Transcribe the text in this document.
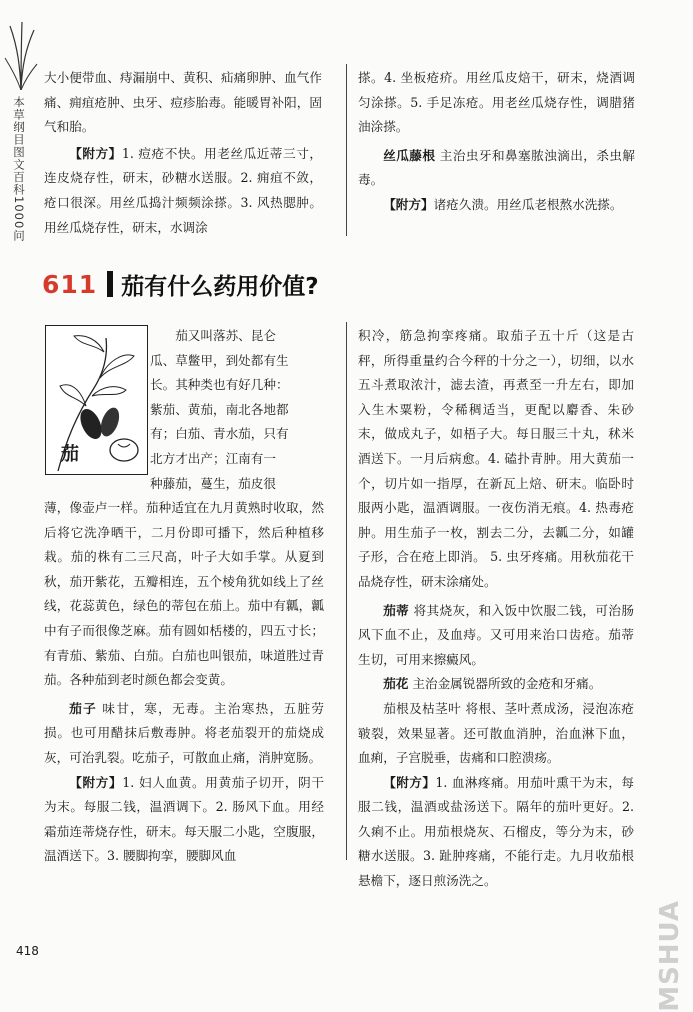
本草纲目图文百科1000问

大小便带血、痔漏崩中、黄积、疝痛卵肿、血气作痛、痈疽疮肿、虫牙、痘疹胎毒。能暖胃补阳，固气和胎。

【附方】1. 痘疮不快。用老丝瓜近蒂三寸，连皮烧存性，研末，砂糖水送服。2. 痈疽不敛，疮口很深。用丝瓜捣汁频频涂搽。3. 风热腮肿。用丝瓜烧存性，研末，水调涂

搽。4. 坐板疮疥。用丝瓜皮焙干，研末，烧酒调匀涂搽。5. 手足冻疮。用老丝瓜烧存性，调腊猪油涂搽。

丝瓜藤根 主治虫牙和鼻塞脓浊滴出，杀虫解毒。

【附方】诸疮久溃。用丝瓜老根熬水洗搽。

611 茄有什么药用价值?
茄
茄又叫落苏、昆仑
瓜、草鳖甲，到处都有生
长。其种类也有好几种：
紫茄、黄茄，南北各地都
有；白茄、青水茄，只有
北方才出产；江南有一
种藤茄，蔓生，茄皮很

薄，像壶卢一样。茄种适宜在九月黄熟时收取，然后将它洗净晒干，二月份即可播下，然后种植移栽。茄的株有二三尺高，叶子大如手掌。从夏到秋，茄开紫花，五瓣相连，五个棱角犹如线上了丝线，花蕊黄色，绿色的蒂包在茄上。茄中有瓤，瓤中有子而很像芝麻。茄有圆如栝楼的，四五寸长；有青茄、紫茄、白茄。白茄也叫银茄，味道胜过青茄。各种茄到老时颜色都会变黄。

茄子 味甘，寒，无毒。主治寒热，五脏劳损。也可用醋抹后敷毒肿。将老茄裂开的茄烧成灰，可治乳裂。吃茄子，可散血止痛，消肿宽肠。

【附方】1. 妇人血黄。用黄茄子切开，阴干为末。每服二钱，温酒调下。2. 肠风下血。用经霜茄连蒂烧存性，研末。每天服二小匙，空腹服，温酒送下。3. 腰脚拘挛，腰脚风血

积冷，筋急拘挛疼痛。取茄子五十斤（这是古秤，所得重量约合今秤的十分之一），切细，以水五斗煮取浓汁，滤去渣，再煮至一升左右，即加入生木粟粉，令稀稠适当，更配以麝香、朱砂末，做成丸子，如梧子大。每日服三十丸，秫米酒送下。一月后病愈。4. 磕扑青肿。用大黄茄一个，切片如一指厚，在新瓦上焙、研末。临卧时服两小匙，温酒调服。一夜伤消无痕。4. 热毒疮肿。用生茄子一枚，割去二分，去瓤二分，如罐子形，合在疮上即消。 5. 虫牙疼痛。用秋茄花干品烧存性，研末涂痛处。

茄蒂 将其烧灰，和入饭中饮服二钱，可治肠风下血不止，及血痔。又可用来治口齿疮。茄蒂生切，可用来擦癜风。

茄花 主治金属锐器所致的金疮和牙痛。

茄根及枯茎叶 将根、茎叶煮成汤，浸泡冻疮皲裂，效果显著。还可散血消肿，治血淋下血，血痢，子宫脱垂，齿痛和口腔溃疡。

【附方】1. 血淋疼痛。用茄叶熏干为末，每服二钱，温酒或盐汤送下。隔年的茄叶更好。2. 久痢不止。用茄根烧灰、石榴皮，等分为末，砂糖水送服。3. 趾肿疼痛，不能行走。九月收茄根悬檐下，逐日煎汤洗之。

418	MSHUA
